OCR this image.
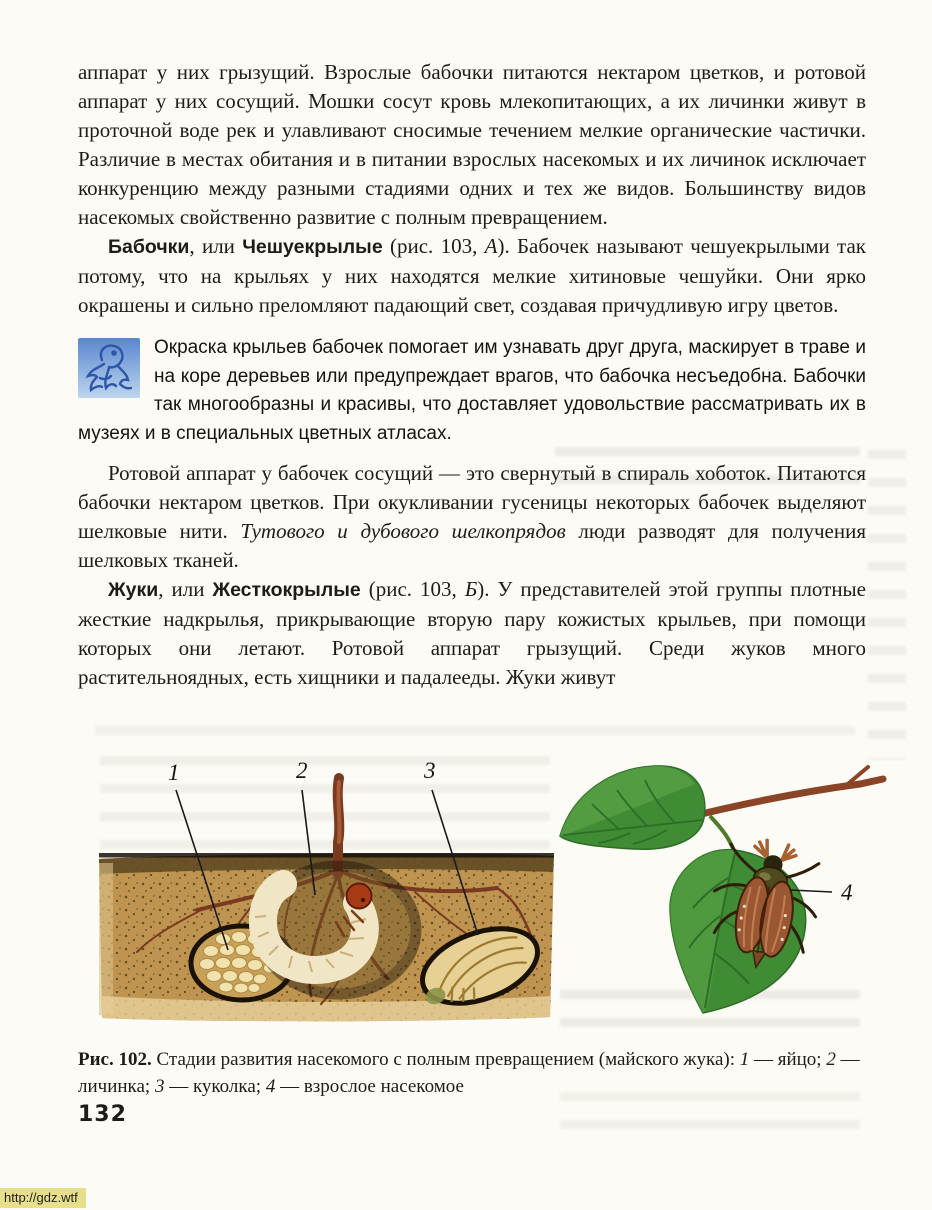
аппарат у них грызущий. Взрослые бабочки питаются нектаром цветков, и ротовой аппарат у них сосущий. Мошки сосут кровь млекопитающих, а их личинки живут в проточной воде рек и улавливают сносимые течением мелкие органические частички. Различие в местах обитания и в питании взрослых насекомых и их личинок исключает конкуренцию между разными стадиями одних и тех же видов. Большинству видов насекомых свойственно развитие с полным превращением.

Бабочки, или Чешуекрылые (рис. 103, А). Бабочек называют чешуекрылыми так потому, что на крыльях у них находятся мелкие хитиновые чешуйки. Они ярко окрашены и сильно преломляют падающий свет, создавая причудливую игру цветов.

Окраска крыльев бабочек помогает им узнавать друг друга, маскирует в траве и на коре деревьев или предупреждает врагов, что бабочка несъедобна. Бабочки так многообразны и красивы, что доставляет удовольствие рассматривать их в музеях и в специальных цветных атласах.

Ротовой аппарат у бабочек сосущий — это свернутый в спираль хоботок. Питаются бабочки нектаром цветков. При окукливании гусеницы некоторых бабочек выделяют шелковые нити. Тутового и дубового шелкопрядов люди разводят для получения шелковых тканей.

Жуки, или Жесткокрылые (рис. 103, Б). У представителей этой группы плотные жесткие надкрылья, прикрывающие вторую пару кожистых крыльев, при помощи которых они летают. Ротовой аппарат грызущий. Среди жуков много растительноядных, есть хищники и падалееды. Жуки живут

1	2	3
4

Рис. 102. Стадии развития насекомого с полным превращением (майского жука): 1 — яйцо; 2 — личинка; 3 — куколка; 4 — взрослое насекомое

132
http://gdz.wtf
